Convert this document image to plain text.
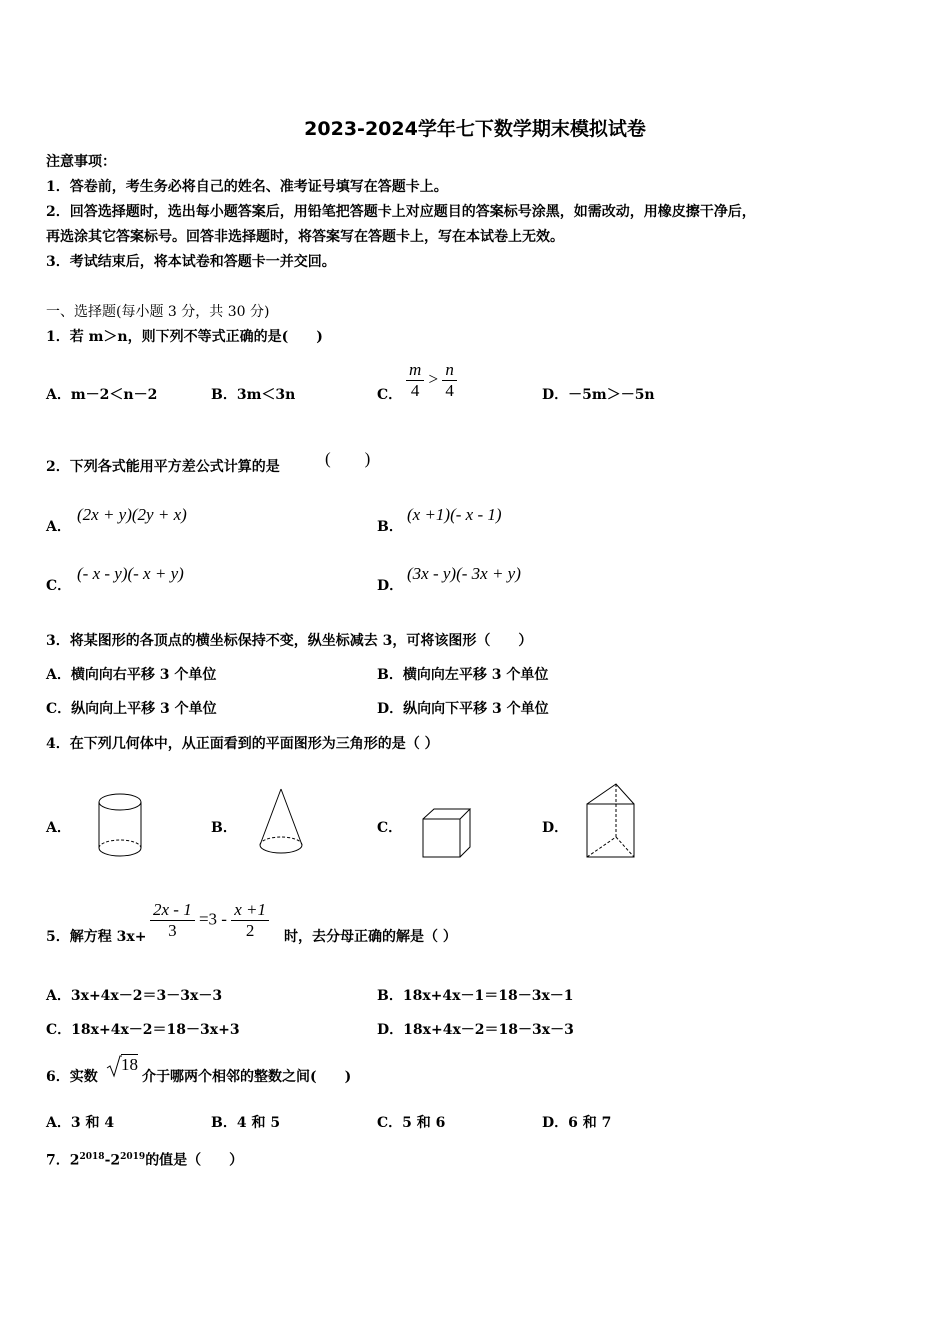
2023-2024学年七下数学期末模拟试卷
注意事项：
1．答卷前，考生务必将自己的姓名、准考证号填写在答题卡上。
2．回答选择题时，选出每小题答案后，用铅笔把答题卡上对应题目的答案标号涂黑，如需改动，用橡皮擦干净后，
再选涂其它答案标号。回答非选择题时，将答案写在答题卡上，写在本试卷上无效。
3．考试结束后，将本试卷和答题卡一并交回。
一、选择题(每小题 3 分，共 30 分)
1．若 m＞n，则下列不等式正确的是(　　)
A．m－2＜n－2	B．3m＜3n	C． $\frac{m}{4} > \frac{n}{4}$	D．－5m＞－5n
2．下列各式能用平方差公式计算的是	(　　)
A．
(2x + y)(2y + x)
B．
(x +1)(- x - 1)
C．
(- x - y)(- x + y)
D．
(3x - y)(- 3x + y)
3．将某图形的各顶点的横坐标保持不变，纵坐标减去 3，可将该图形（　　）
A．横向向右平移 3 个单位	B．横向向左平移 3 个单位
C．纵向向上平移 3 个单位	D．纵向向下平移 3 个单位
4．在下列几何体中，从正面看到的平面图形为三角形的是（ ）
A．	B．	C．	D．
5．解方程 $3x+ \frac{2x - 1}{3} =3 - \frac{x +1}{2}$ 时，去分母正确的解是（ ）
A．3x+4x－2＝3－3x－3	B．18x+4x－1＝18－3x－1
C．18x+4x－2＝18－3x+3	D．18x+4x－2＝18－3x－3
6．实数
18
介于哪两个相邻的整数之间(　　)
A．3 和 4	B．4 和 5	C．5 和 6	D．6 和 7
7．$2^{2018}-2^{2019}$的值是（　　）
